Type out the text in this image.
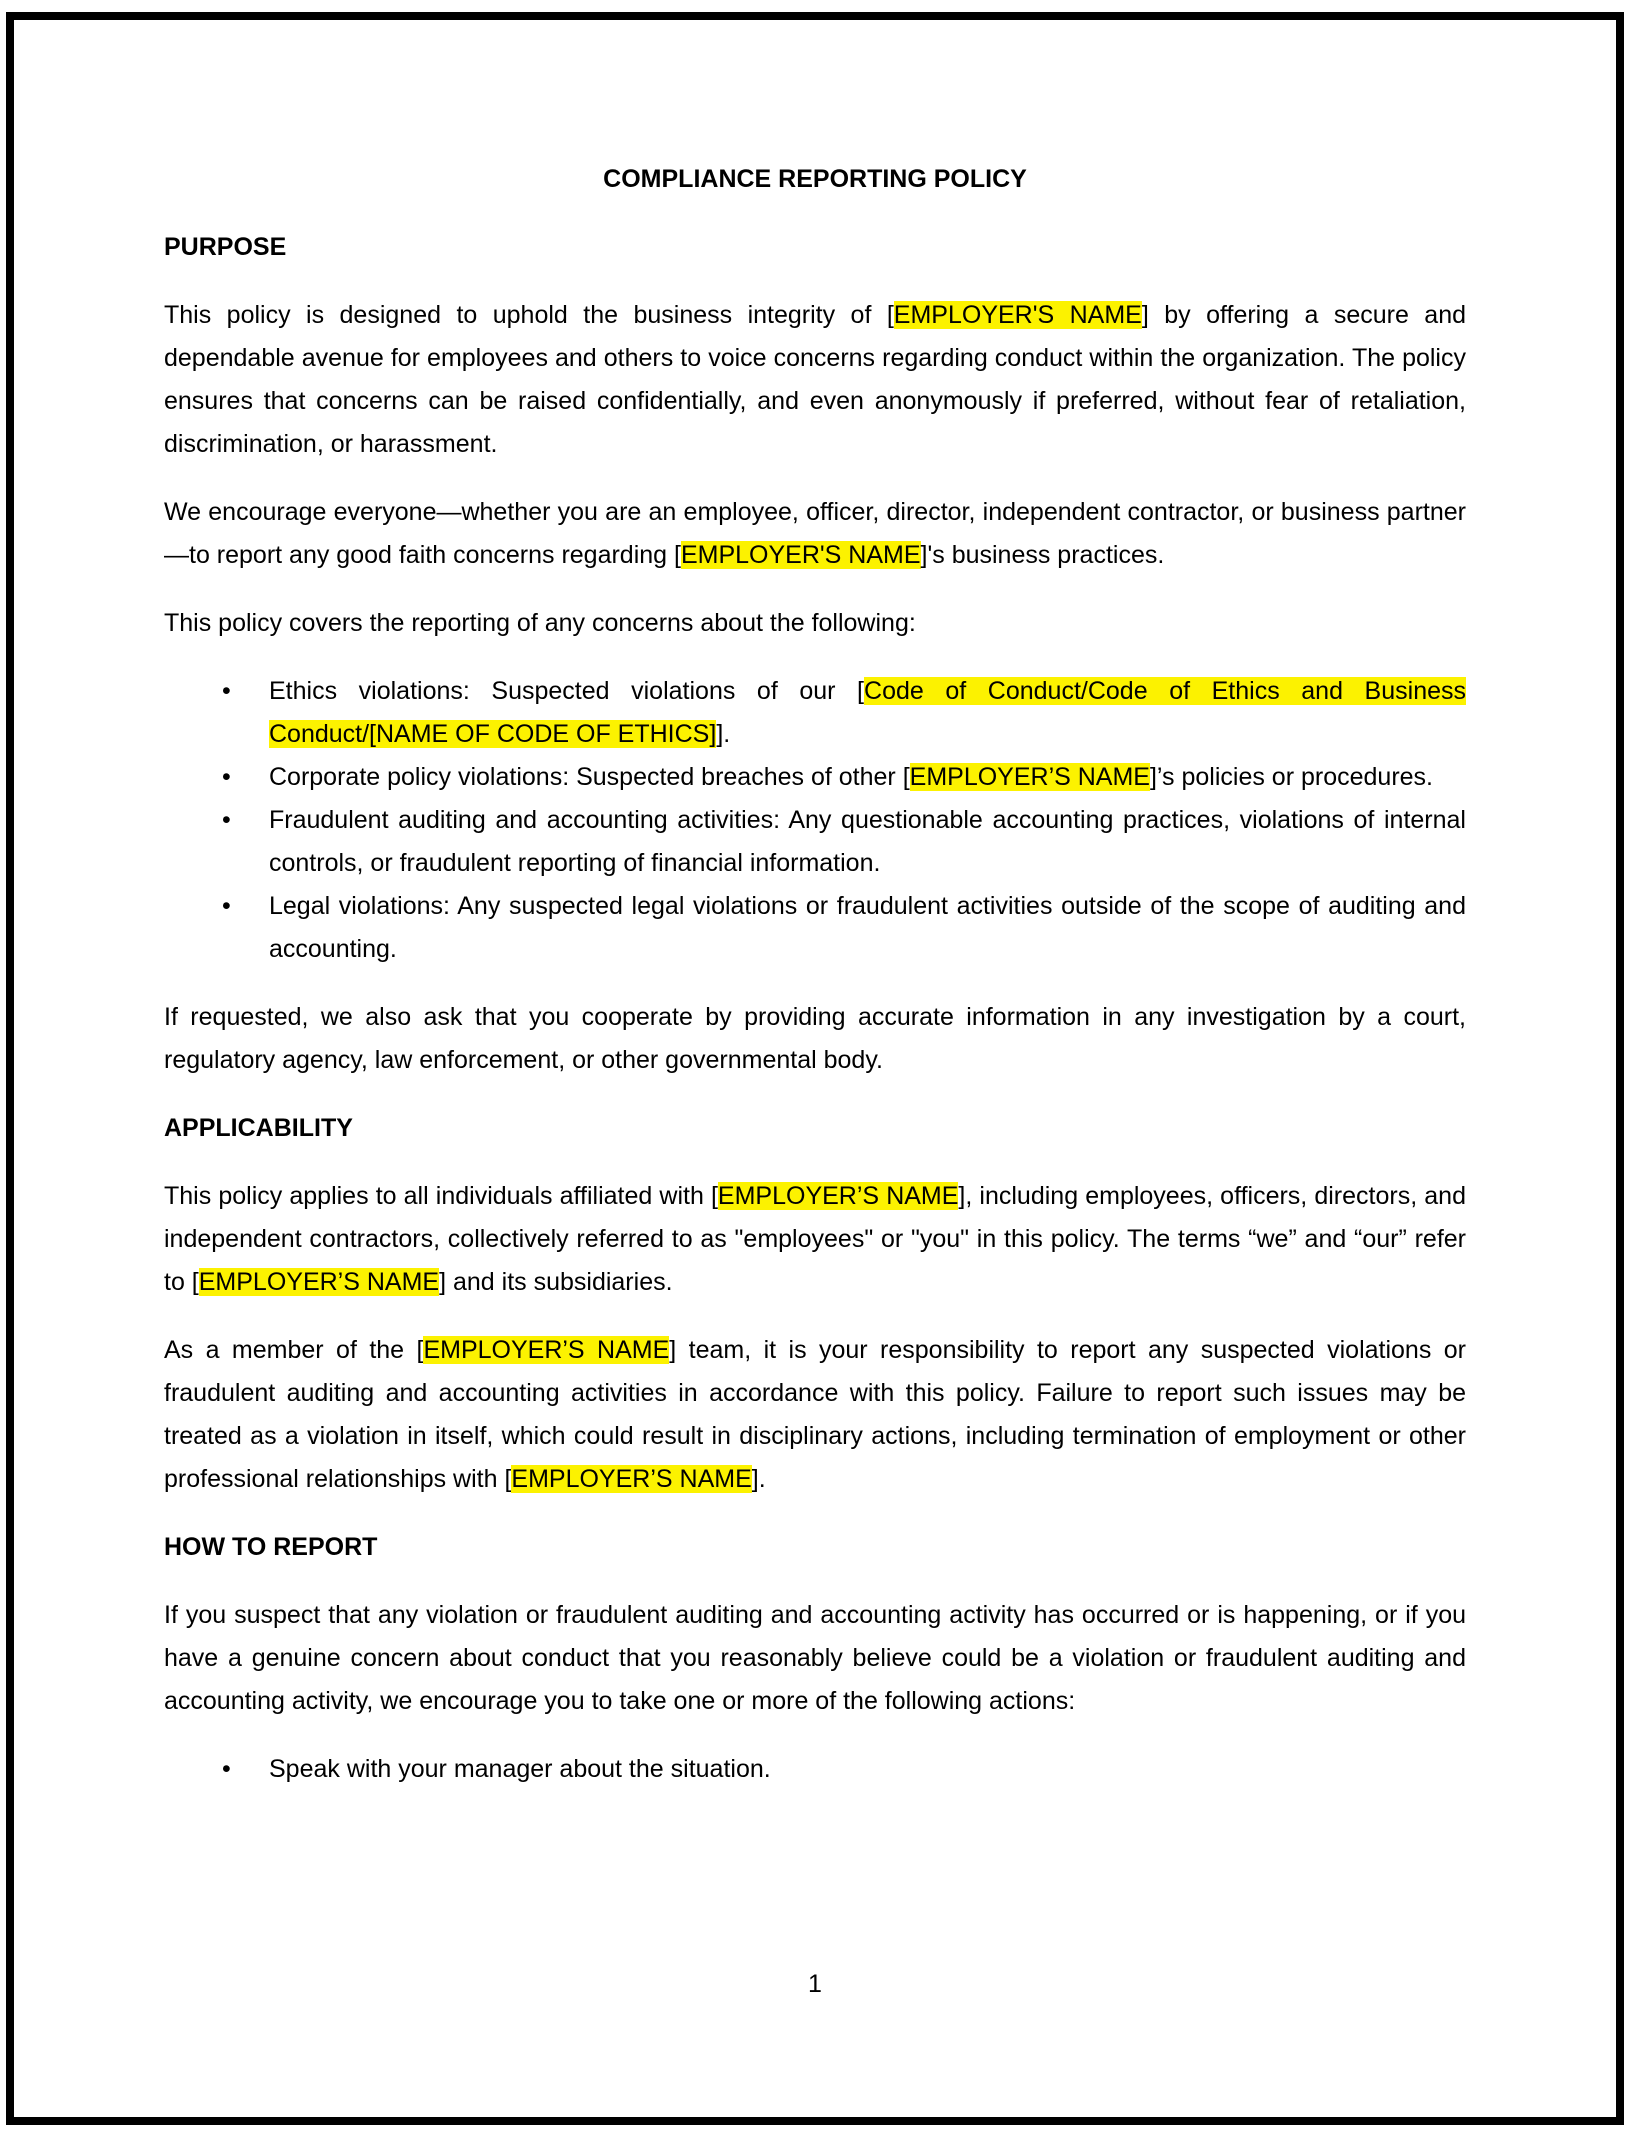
COMPLIANCE REPORTING POLICY
PURPOSE

This policy is designed to uphold the business integrity of [EMPLOYER'S NAME] by offering a secure and dependable avenue for employees and others to voice concerns regarding conduct within the organization. The policy ensures that concerns can be raised confidentially, and even anonymously if preferred, without fear of retaliation, discrimination, or harassment.

We encourage everyone—whether you are an employee, officer, director, independent contractor, or business partner—to report any good faith concerns regarding [EMPLOYER'S NAME]'s business practices.

This policy covers the reporting of any concerns about the following:

• Ethics violations: Suspected violations of our [Code of Conduct/Code of Ethics and Business Conduct/[NAME OF CODE OF ETHICS]].
• Corporate policy violations: Suspected breaches of other [EMPLOYER’S NAME]’s policies or procedures.
• Fraudulent auditing and accounting activities: Any questionable accounting practices, violations of internal controls, or fraudulent reporting of financial information.
• Legal violations: Any suspected legal violations or fraudulent activities outside of the scope of auditing and accounting.

If requested, we also ask that you cooperate by providing accurate information in any investigation by a court, regulatory agency, law enforcement, or other governmental body.

APPLICABILITY

This policy applies to all individuals affiliated with [EMPLOYER’S NAME], including employees, officers, directors, and independent contractors, collectively referred to as "employees" or "you" in this policy. The terms “we” and “our” refer to [EMPLOYER’S NAME] and its subsidiaries.

As a member of the [EMPLOYER’S NAME] team, it is your responsibility to report any suspected violations or fraudulent auditing and accounting activities in accordance with this policy. Failure to report such issues may be treated as a violation in itself, which could result in disciplinary actions, including termination of employment or other professional relationships with [EMPLOYER’S NAME].

HOW TO REPORT

If you suspect that any violation or fraudulent auditing and accounting activity has occurred or is happening, or if you have a genuine concern about conduct that you reasonably believe could be a violation or fraudulent auditing and accounting activity, we encourage you to take one or more of the following actions:

• Speak with your manager about the situation.
1
